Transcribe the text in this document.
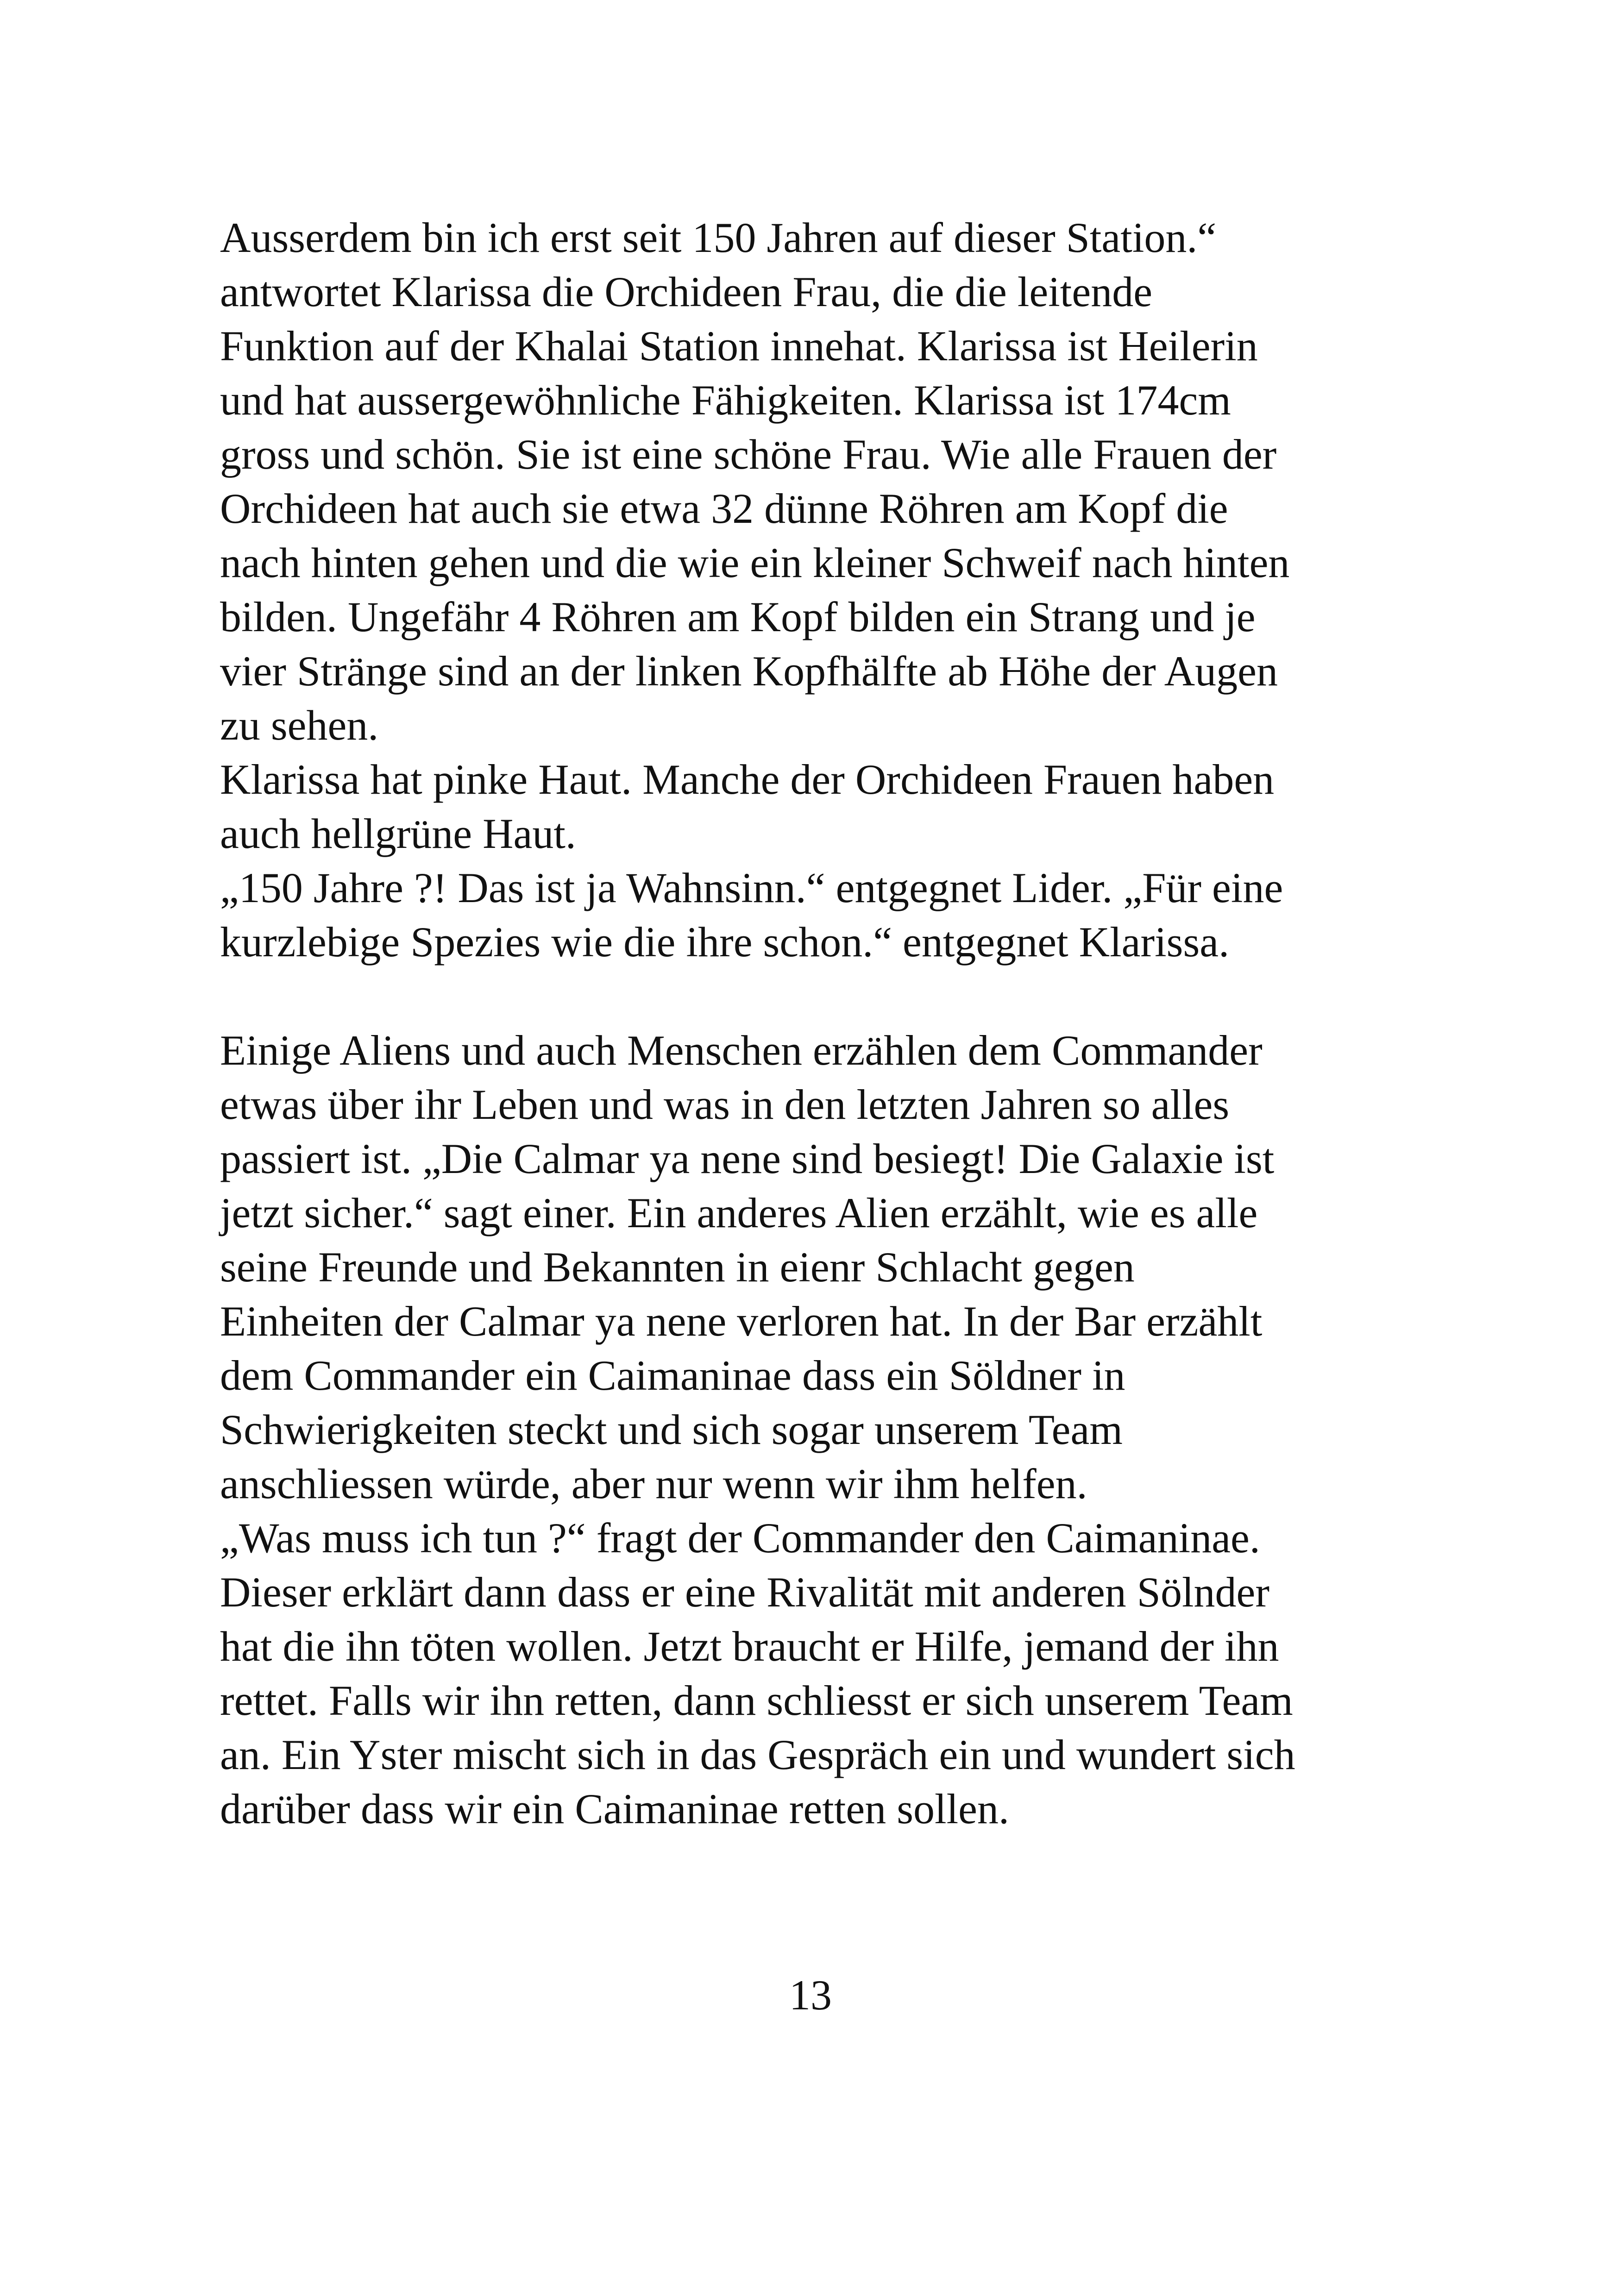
Ausserdem bin ich erst seit 150 Jahren auf dieser Station.“
antwortet Klarissa die Orchideen Frau, die die leitende
Funktion auf der Khalai Station innehat. Klarissa ist Heilerin
und hat aussergewöhnliche Fähigkeiten. Klarissa ist 174cm
gross und schön. Sie ist eine schöne Frau. Wie alle Frauen der
Orchideen hat auch sie etwa 32 dünne Röhren am Kopf die
nach hinten gehen und die wie ein kleiner Schweif nach hinten
bilden. Ungefähr 4 Röhren am Kopf bilden ein Strang und je
vier Stränge sind an der linken Kopfhälfte ab Höhe der Augen
zu sehen.
Klarissa hat pinke Haut. Manche der Orchideen Frauen haben
auch hellgrüne Haut.
„150 Jahre ?! Das ist ja Wahnsinn.“ entgegnet Lider. „Für eine
kurzlebige Spezies wie die ihre schon.“ entgegnet Klarissa.
Einige Aliens und auch Menschen erzählen dem Commander
etwas über ihr Leben und was in den letzten Jahren so alles
passiert ist. „Die Calmar ya nene sind besiegt! Die Galaxie ist
jetzt sicher.“ sagt einer. Ein anderes Alien erzählt, wie es alle
seine Freunde und Bekannten in eienr Schlacht gegen
Einheiten der Calmar ya nene verloren hat. In der Bar erzählt
dem Commander ein Caimaninae dass ein Söldner in
Schwierigkeiten steckt und sich sogar unserem Team
anschliessen würde, aber nur wenn wir ihm helfen.
„Was muss ich tun ?“ fragt der Commander den Caimaninae.
Dieser erklärt dann dass er eine Rivalität mit anderen Sölnder
hat die ihn töten wollen. Jetzt braucht er Hilfe, jemand der ihn
rettet. Falls wir ihn retten, dann schliesst er sich unserem Team
an. Ein Yster mischt sich in das Gespräch ein und wundert sich
darüber dass wir ein Caimaninae retten sollen.
13
